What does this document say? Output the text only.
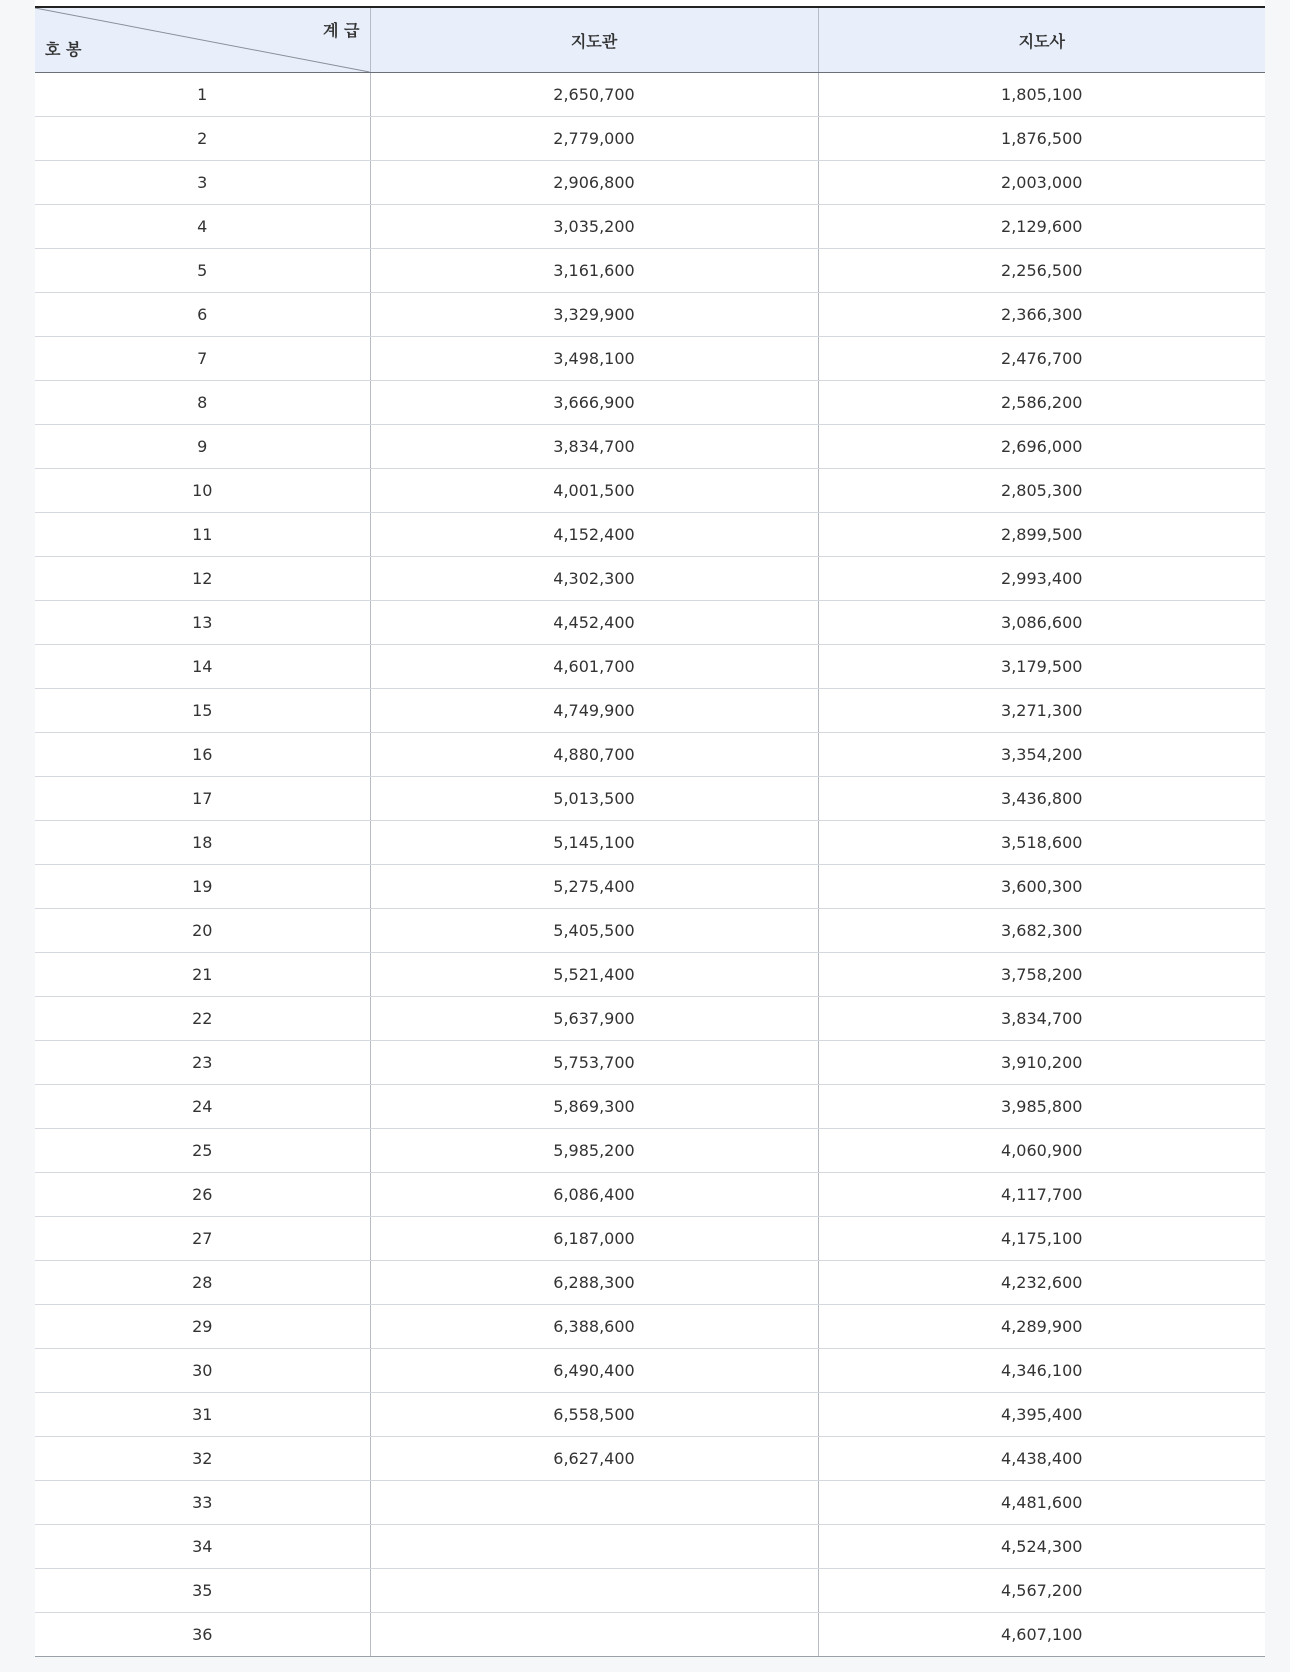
계 급
호 봉	지도관	지도사
1	2,650,700	1,805,100
2	2,779,000	1,876,500
3	2,906,800	2,003,000
4	3,035,200	2,129,600
5	3,161,600	2,256,500
6	3,329,900	2,366,300
7	3,498,100	2,476,700
8	3,666,900	2,586,200
9	3,834,700	2,696,000
10	4,001,500	2,805,300
11	4,152,400	2,899,500
12	4,302,300	2,993,400
13	4,452,400	3,086,600
14	4,601,700	3,179,500
15	4,749,900	3,271,300
16	4,880,700	3,354,200
17	5,013,500	3,436,800
18	5,145,100	3,518,600
19	5,275,400	3,600,300
20	5,405,500	3,682,300
21	5,521,400	3,758,200
22	5,637,900	3,834,700
23	5,753,700	3,910,200
24	5,869,300	3,985,800
25	5,985,200	4,060,900
26	6,086,400	4,117,700
27	6,187,000	4,175,100
28	6,288,300	4,232,600
29	6,388,600	4,289,900
30	6,490,400	4,346,100
31	6,558,500	4,395,400
32	6,627,400	4,438,400
33		4,481,600
34		4,524,300
35		4,567,200
36		4,607,100
